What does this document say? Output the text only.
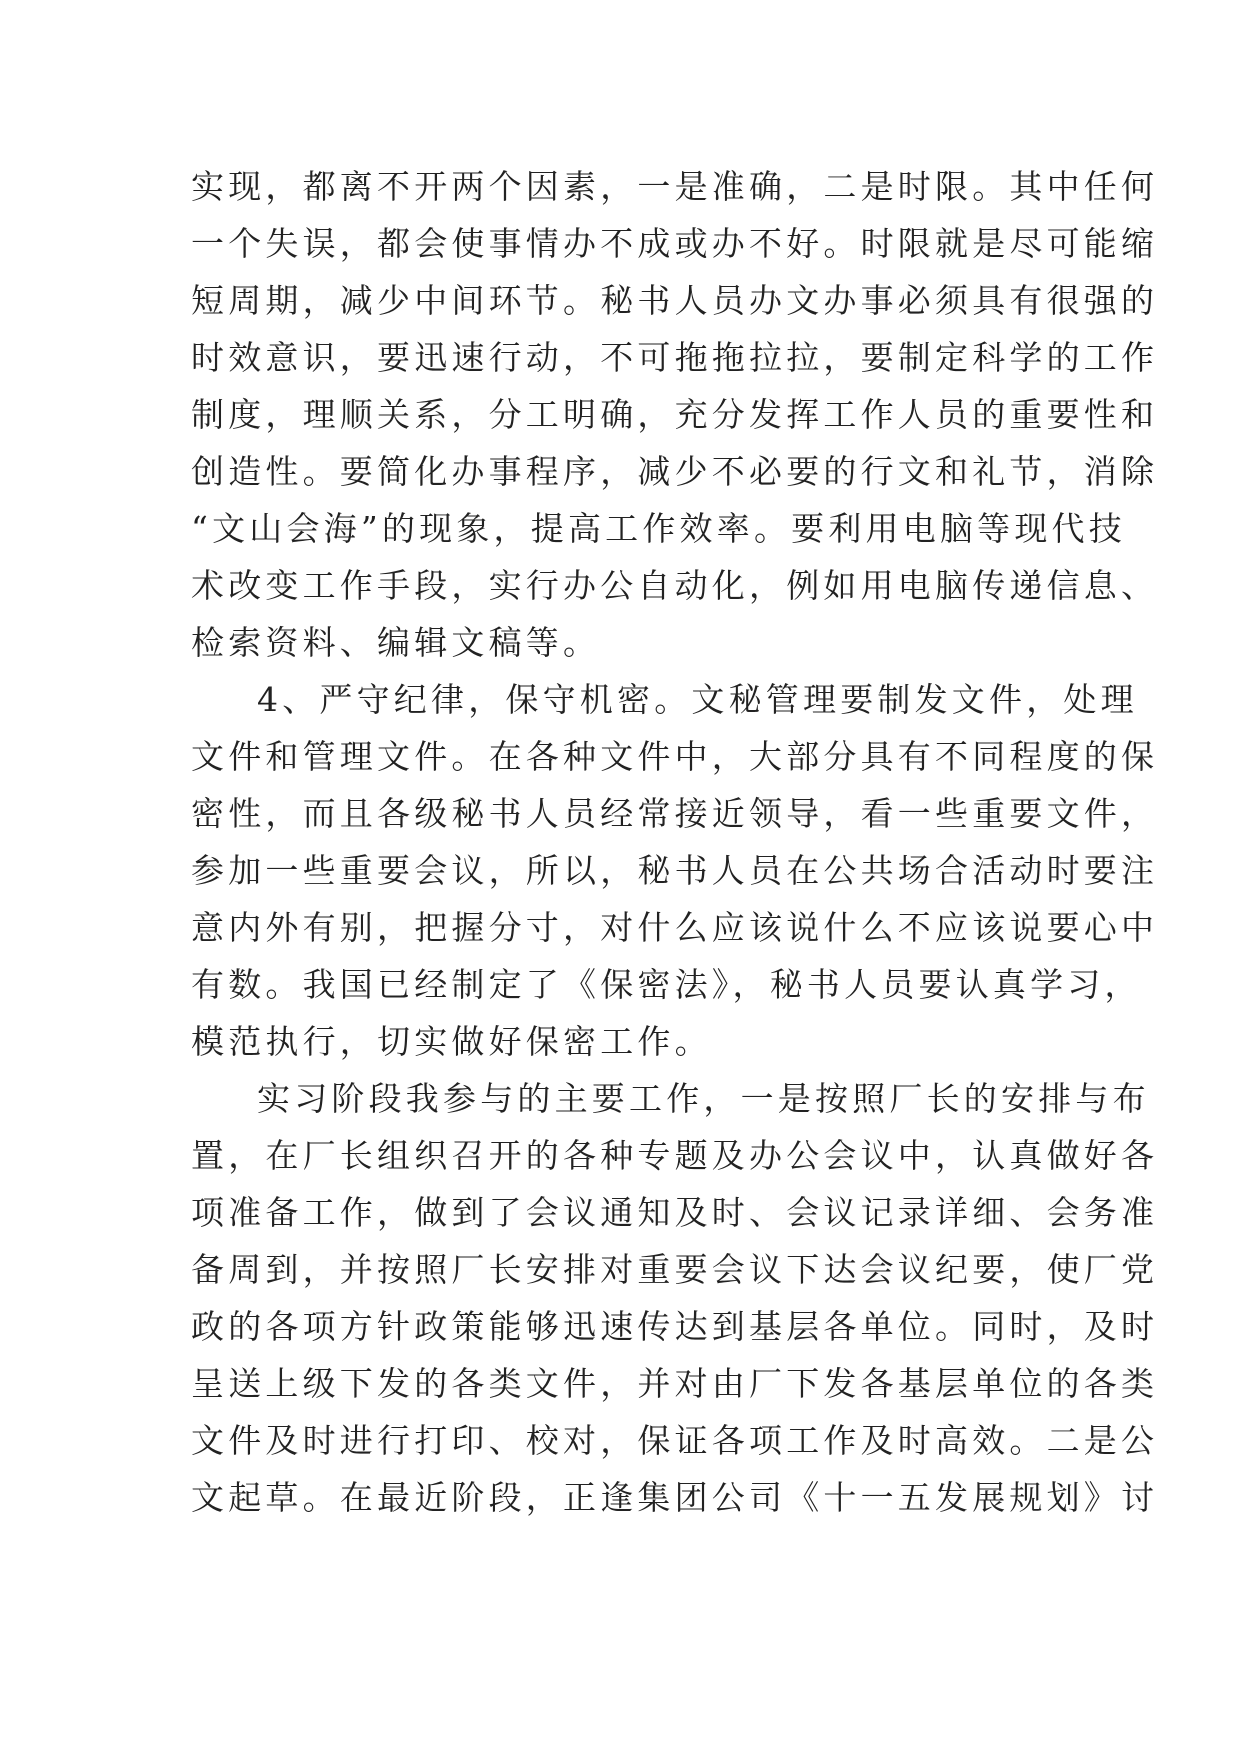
实现，都离不开两个因素，一是准确，二是时限。其中任何
一个失误，都会使事情办不成或办不好。时限就是尽可能缩
短周期，减少中间环节。秘书人员办文办事必须具有很强的
时效意识，要迅速行动，不可拖拖拉拉，要制定科学的工作
制度，理顺关系，分工明确，充分发挥工作人员的重要性和
创造性。要简化办事程序，减少不必要的行文和礼节，消除
“文山会海”的现象，提高工作效率。要利用电脑等现代技
术改变工作手段，实行办公自动化，例如用电脑传递信息、
检索资料、编辑文稿等。
4、严守纪律，保守机密。文秘管理要制发文件，处理
文件和管理文件。在各种文件中，大部分具有不同程度的保
密性，而且各级秘书人员经常接近领导，看一些重要文件，
参加一些重要会议，所以，秘书人员在公共场合活动时要注
意内外有别，把握分寸，对什么应该说什么不应该说要心中
有数。我国已经制定了《保密法》，秘书人员要认真学习，
模范执行，切实做好保密工作。
实习阶段我参与的主要工作，一是按照厂长的安排与布
置，在厂长组织召开的各种专题及办公会议中，认真做好各
项准备工作，做到了会议通知及时、会议记录详细、会务准
备周到，并按照厂长安排对重要会议下达会议纪要，使厂党
政的各项方针政策能够迅速传达到基层各单位。同时，及时
呈送上级下发的各类文件，并对由厂下发各基层单位的各类
文件及时进行打印、校对，保证各项工作及时高效。二是公
文起草。在最近阶段，正逢集团公司《十一五发展规划》讨
